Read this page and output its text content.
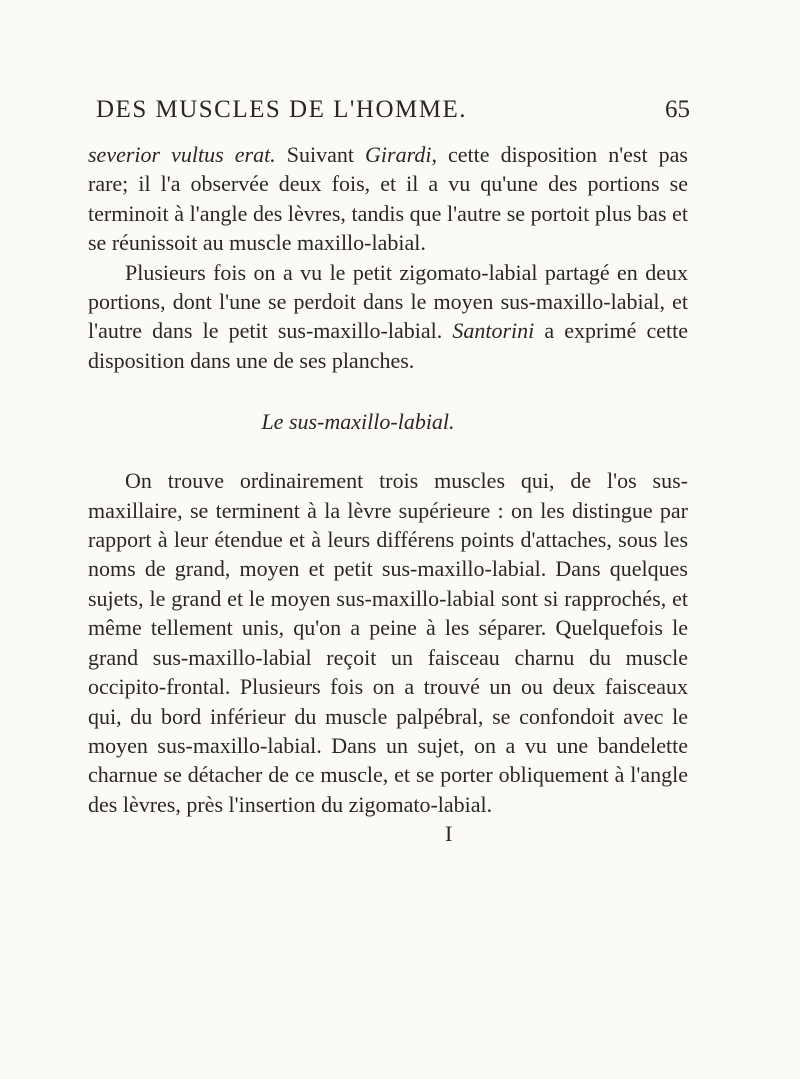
DES MUSCLES DE L'HOMME.	65

severior vultus erat. Suivant Girardi, cette disposition n'est pas rare; il l'a observée deux fois, et il a vu qu'une des portions se terminoit à l'angle des lèvres, tandis que l'autre se portoit plus bas et se réunissoit au muscle maxillo-labial.

Plusieurs fois on a vu le petit zigomato-labial partagé en deux portions, dont l'une se perdoit dans le moyen sus-maxillo-labial, et l'autre dans le petit sus-maxillo-labial. Santorini a exprimé cette disposition dans une de ses planches.

Le sus-maxillo-labial.

On trouve ordinairement trois muscles qui, de l'os sus-maxillaire, se terminent à la lèvre supérieure : on les distingue par rapport à leur étendue et à leurs différens points d'attaches, sous les noms de grand, moyen et petit sus-maxillo-labial. Dans quelques sujets, le grand et le moyen sus-maxillo-labial sont si rapprochés, et même tellement unis, qu'on a peine à les séparer. Quelquefois le grand sus-maxillo-labial reçoit un faisceau charnu du muscle occipito-frontal. Plusieurs fois on a trouvé un ou deux faisceaux qui, du bord inférieur du muscle palpébral, se confondoit avec le moyen sus-maxillo-labial. Dans un sujet, on a vu une bandelette charnue se détacher de ce muscle, et se porter obliquement à l'angle des lèvres, près l'insertion du zigomato-labial.

I
